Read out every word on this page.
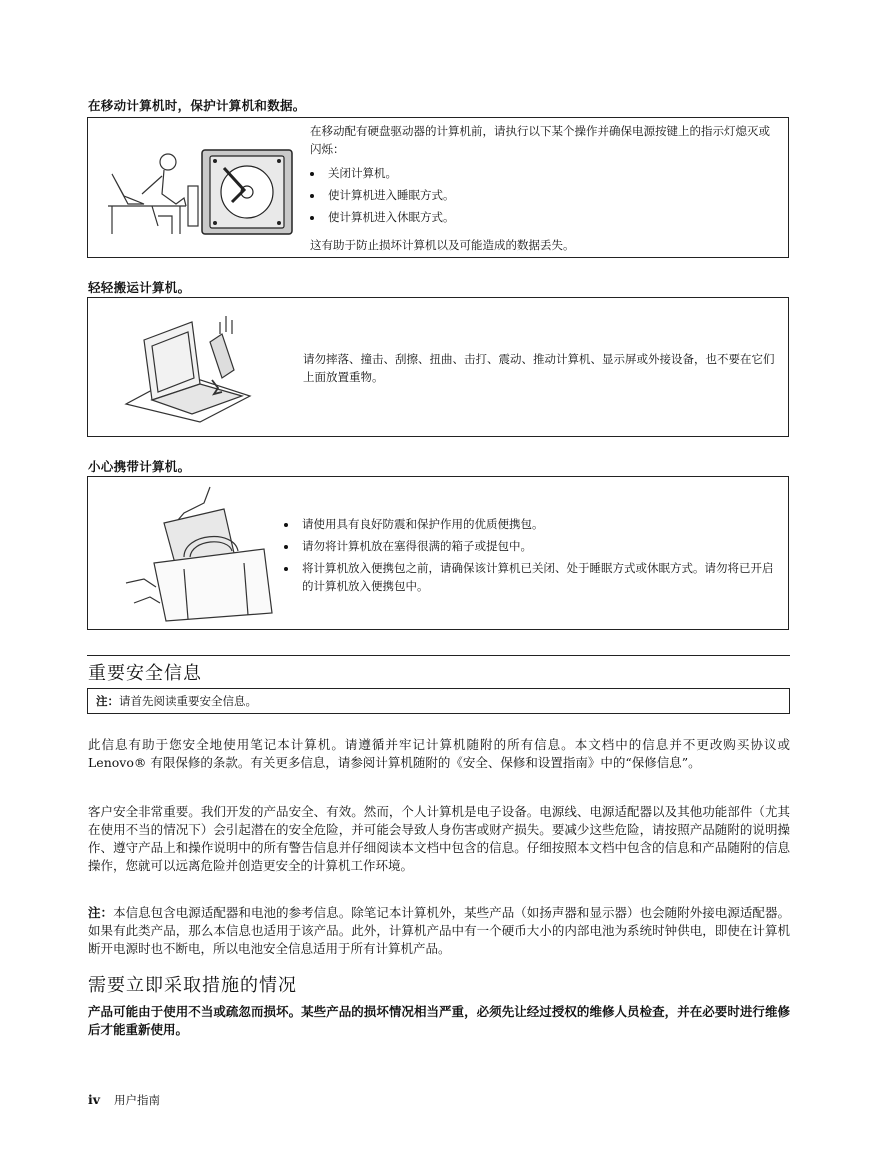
在移动计算机时，保护计算机和数据。
在移动配有硬盘驱动器的计算机前，请执行以下某个操作并确保电源按键上的指示灯熄灭或闪烁：
• 关闭计算机。
• 使计算机进入睡眠方式。
• 使计算机进入休眠方式。
这有助于防止损坏计算机以及可能造成的数据丢失。
轻轻搬运计算机。
请勿摔落、撞击、刮擦、扭曲、击打、震动、推动计算机、显示屏或外接设备，也不要在它们上面放置重物。
小心携带计算机。
• 请使用具有良好防震和保护作用的优质便携包。
• 请勿将计算机放在塞得很满的箱子或提包中。
• 将计算机放入便携包之前，请确保该计算机已关闭、处于睡眠方式或休眠方式。请勿将已开启的计算机放入便携包中。
重要安全信息
注：请首先阅读重要安全信息。
此信息有助于您安全地使用笔记本计算机。请遵循并牢记计算机随附的所有信息。本文档中的信息并不更改购买协议或 Lenovo® 有限保修的条款。有关更多信息，请参阅计算机随附的《安全、保修和设置指南》中的“保修信息”。
客户安全非常重要。我们开发的产品安全、有效。然而，个人计算机是电子设备。电源线、电源适配器以及其他功能部件（尤其在使用不当的情况下）会引起潜在的安全危险，并可能会导致人身伤害或财产损失。要减少这些危险，请按照产品随附的说明操作、遵守产品上和操作说明中的所有警告信息并仔细阅读本文档中包含的信息。仔细按照本文档中包含的信息和产品随附的信息操作，您就可以远离危险并创造更安全的计算机工作环境。
注：本信息包含电源适配器和电池的参考信息。除笔记本计算机外，某些产品（如扬声器和显示器）也会随附外接电源适配器。如果有此类产品，那么本信息也适用于该产品。此外，计算机产品中有一个硬币大小的内部电池为系统时钟供电，即使在计算机断开电源时也不断电，所以电池安全信息适用于所有计算机产品。
需要立即采取措施的情况
产品可能由于使用不当或疏忽而损坏。某些产品的损坏情况相当严重，必须先让经过授权的维修人员检查，并在必要时进行维修后才能重新使用。
iv 用户指南
